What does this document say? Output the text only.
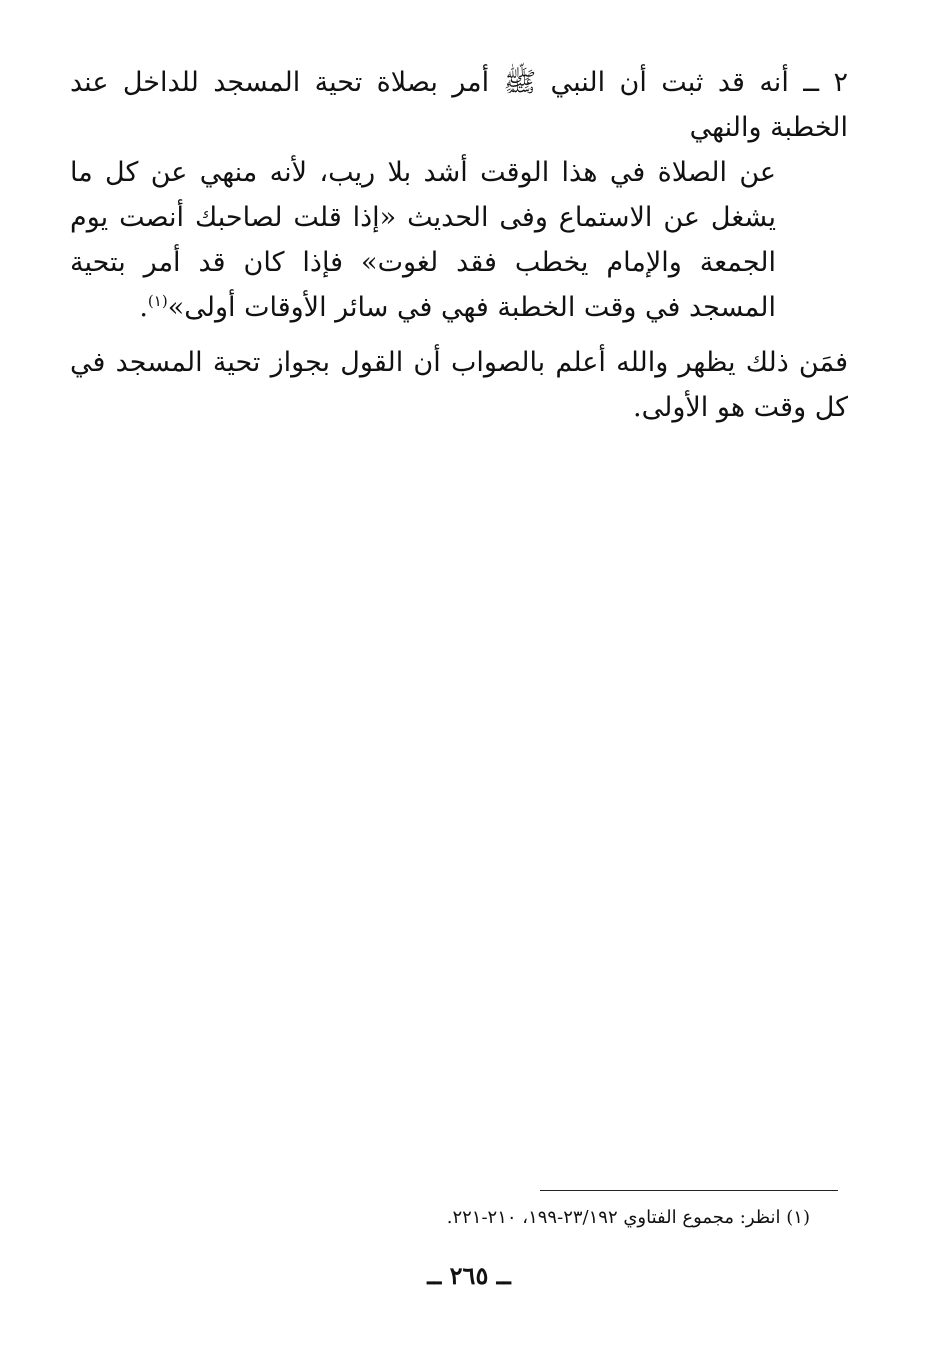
٢ ــ أنه قد ثبت أن النبي ﷺ أمر بصلاة تحية المسجد للداخل عند الخطبة والنهي
عن الصلاة في هذا الوقت أشد بلا ريب، لأنه منهي عن كل ما يشغل عن الاستماع وفى الحديث «إذا قلت لصاحبك أنصت يوم الجمعة والإمام يخطب فقد لغوت» فإذا كان قد أمر بتحية المسجد في وقت الخطبة فهي في سائر الأوقات أولى»$^{(١)}$.
فمَن ذلك يظهر والله أعلم بالصواب أن القول بجواز تحية المسجد في كل وقت هو الأولى.
(١) انظر: مجموع الفتاوي ٢٣/١٩٢-١٩٩، ٢١٠-٢٢١.
ــ ٢٦٥ ــ
